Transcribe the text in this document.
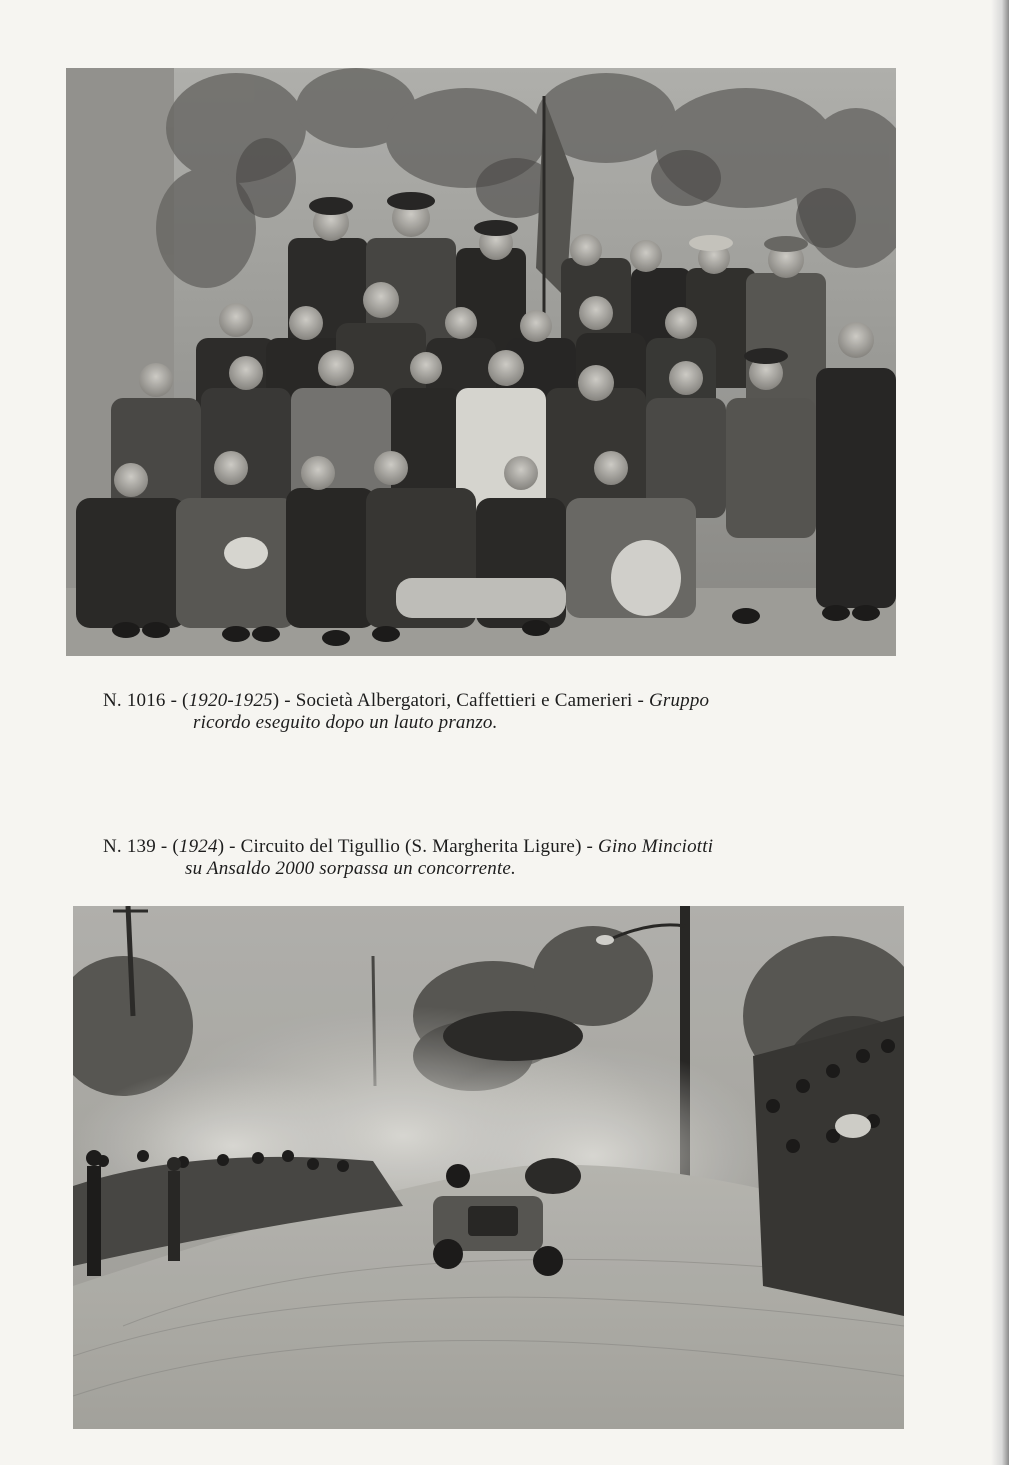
N. 1016 - (1920-1925) - Società Albergatori, Caffettieri e Camerieri - Gruppo
ricordo eseguito dopo un lauto pranzo.
N. 139 - (1924) - Circuito del Tigullio (S. Margherita Ligure) - Gino Minciotti
su Ansaldo 2000 sorpassa un concorrente.
